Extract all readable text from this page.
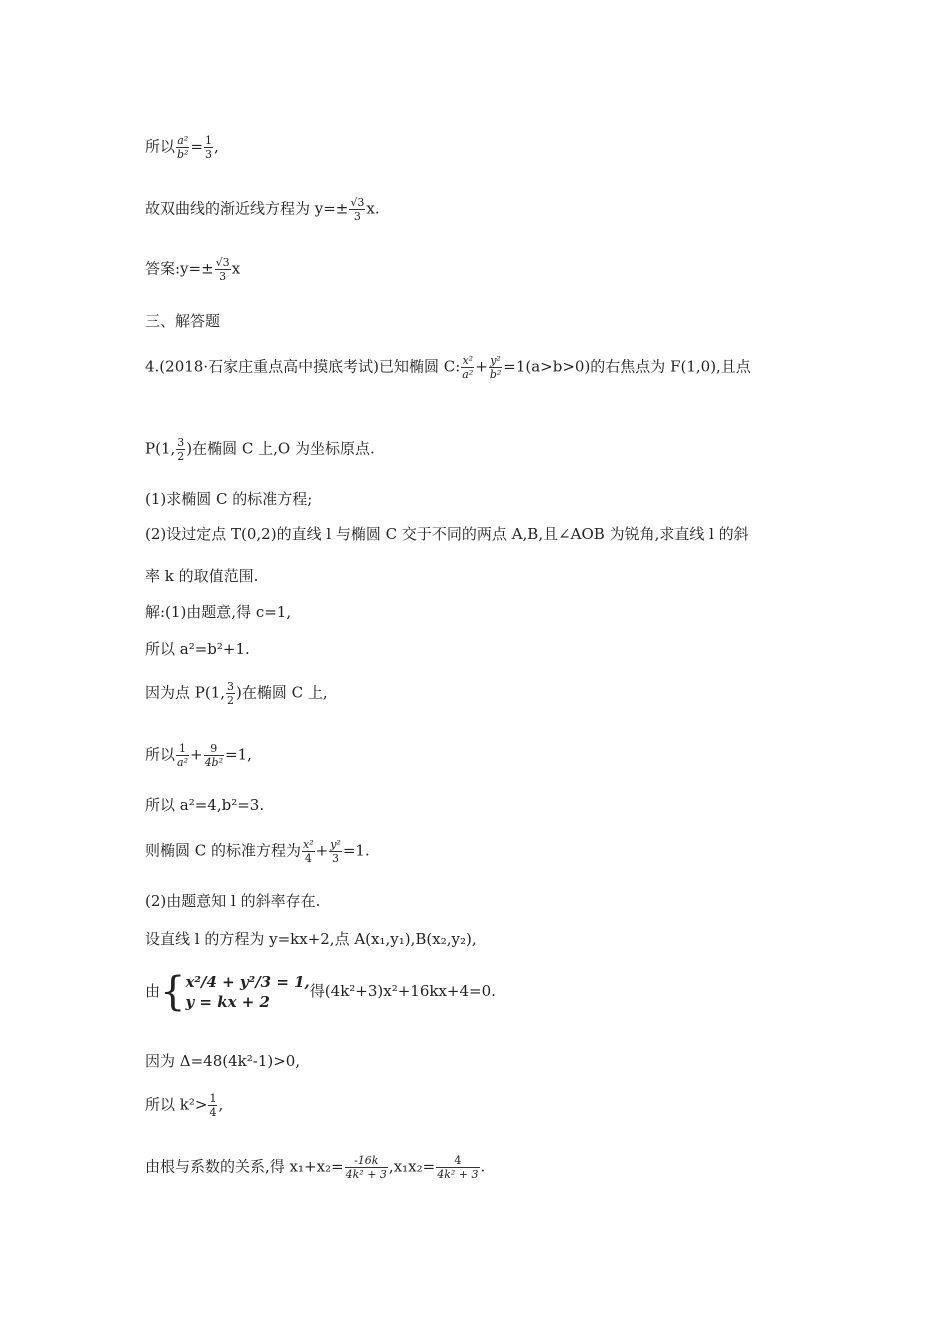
所以 $\frac{\text{a²}}{\text{b²}} = \frac{1}{3}$ ,
故双曲线的渐近线方程为 $y=\pm \frac{√3}{3} x$.
答案:y=± $\frac{√3}{3}$ x
三、解答题
4.(2018·石家庄重点高中摸底考试)已知椭圆 C: $\frac{\text{x²}}{\text{a²}} + \frac{\text{y²}}{\text{b²}} =1(a>b>0)$的右焦点为 F(1,0),且点
P(1, $\frac{3}{2}$ )在椭圆 C 上,O 为坐标原点.
(1)求椭圆 C 的标准方程;
(2)设过定点 T(0,2)的直线 l 与椭圆 C 交于不同的两点 A,B,且∠AOB 为锐角,求直线 l 的斜
率 k 的取值范围.
解:(1)由题意,得 c=1,
所以 a²=b²+1.
因为点 P(1, $\frac{3}{2}$ )在椭圆 C 上,
所以 $\frac{1}{\text{a²}} + \frac{9}{\text{4b²}} =1$,
所以 a²=4,b²=3.
则椭圆 C 的标准方程为 $\frac{\text{x²}}{4} + \frac{\text{y²}}{3} =1$.
(2)由题意知 l 的斜率存在.
设直线 l 的方程为 y=kx+2,点 A(x₁,y₁),B(x₂,y₂),
由{ x²/4 + y²/3 = 1,
y = kx + 2
得(4k²+3)x²+16kx+4=0.
因为 Δ=48(4k²-1)>0,
所以 $k^2> \frac{1}{4}$ ,
由根与系数的关系,得 $x_1+x_2= \frac{-16k}{\text{4k² + 3}} ,x_1x_2= \frac{4}{\text{4k² + 3}}$ .
